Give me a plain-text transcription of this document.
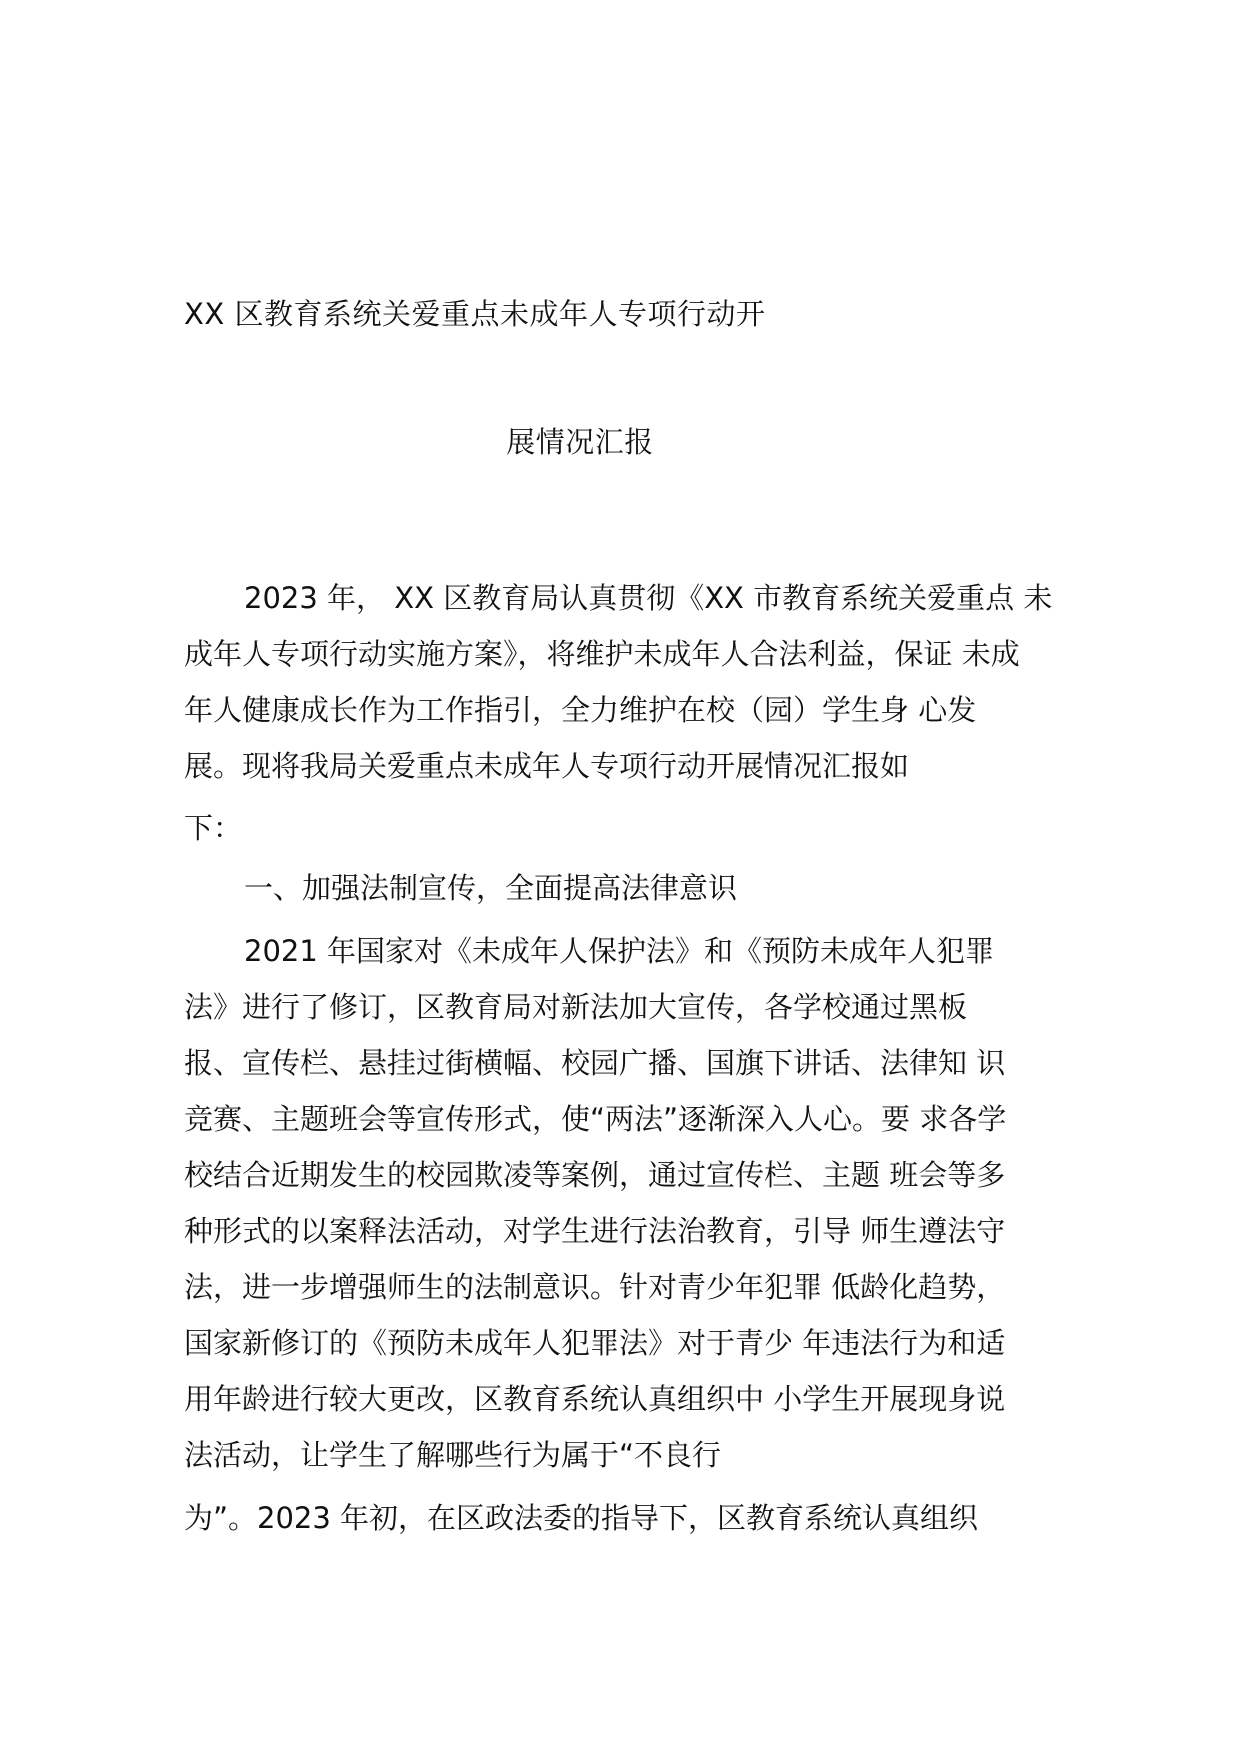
XX 区教育系统关爱重点未成年人专项行动开
展情况汇报
2023 年， XX 区教育局认真贯彻《XX 市教育系统关爱重点 未
成年人专项行动实施方案》，将维护未成年人合法利益，保证 未成
年人健康成长作为工作指引，全力维护在校（园）学生身 心发
展。现将我局关爱重点未成年人专项行动开展情况汇报如
下：
一、加强法制宣传，全面提高法律意识
2021 年国家对《未成年人保护法》和《预防未成年人犯罪
法》进行了修订，区教育局对新法加大宣传，各学校通过黑板
报、宣传栏、悬挂过街横幅、校园广播、国旗下讲话、法律知 识
竞赛、主题班会等宣传形式，使“两法”逐渐深入人心。要 求各学
校结合近期发生的校园欺凌等案例，通过宣传栏、主题 班会等多
种形式的以案释法活动，对学生进行法治教育，引导 师生遵法守
法，进一步增强师生的法制意识。针对青少年犯罪 低龄化趋势，
国家新修订的《预防未成年人犯罪法》对于青少 年违法行为和适
用年龄进行较大更改，区教育系统认真组织中 小学生开展现身说
法活动，让学生了解哪些行为属于“不良行
为”。2023 年初，在区政法委的指导下，区教育系统认真组织
